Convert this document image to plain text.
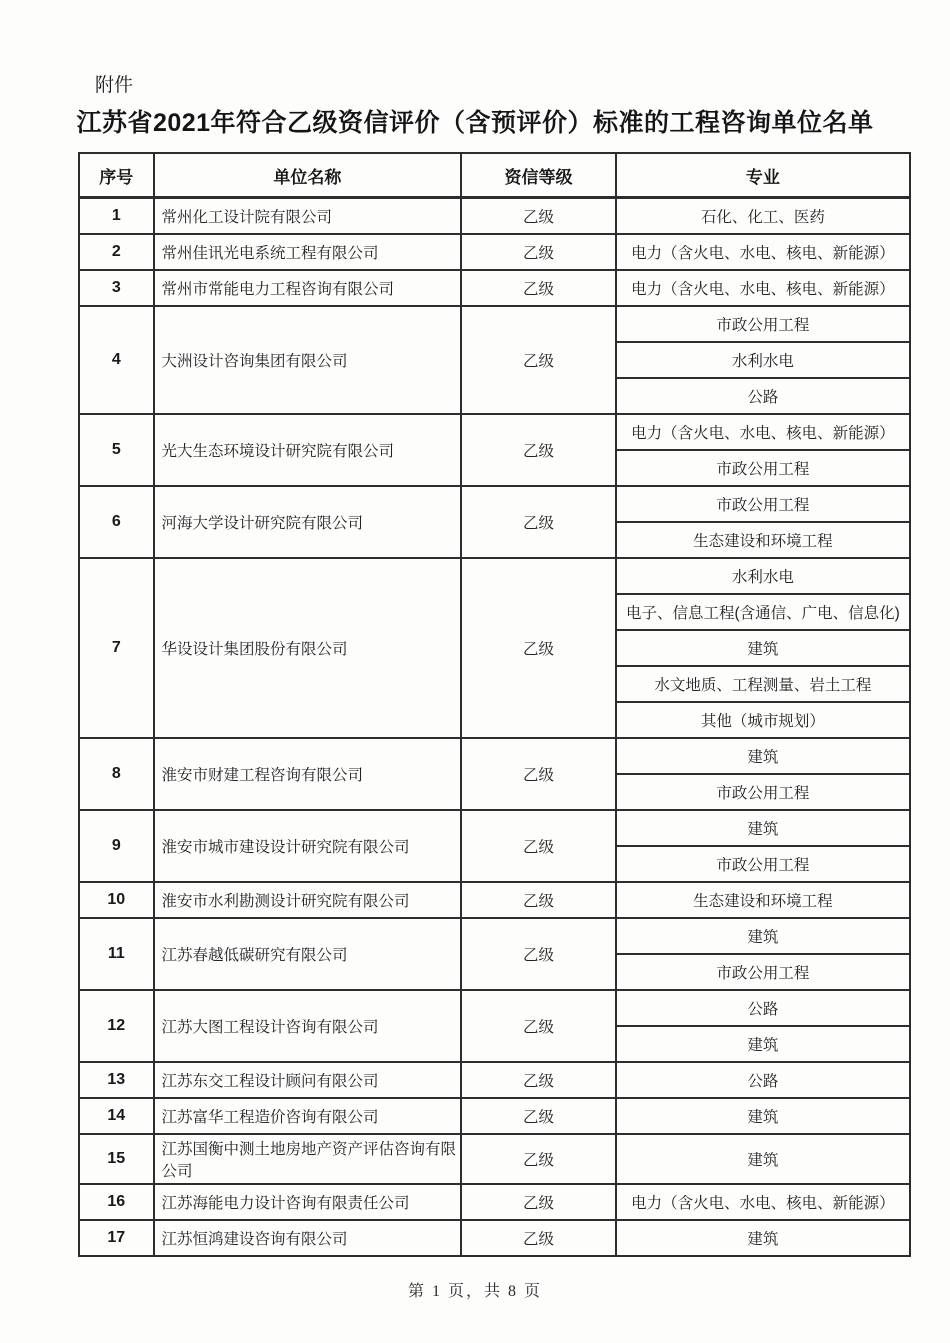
附件
江苏省2021年符合乙级资信评价（含预评价）标准的工程咨询单位名单
序号	单位名称	资信等级	专业
1	常州化工设计院有限公司	乙级	石化、化工、医药
2	常州佳讯光电系统工程有限公司	乙级	电力（含火电、水电、核电、新能源）
3	常州市常能电力工程咨询有限公司	乙级	电力（含火电、水电、核电、新能源）
4	大洲设计咨询集团有限公司	乙级	市政公用工程
			水利水电
			公路
5	光大生态环境设计研究院有限公司	乙级	电力（含火电、水电、核电、新能源）
			市政公用工程
6	河海大学设计研究院有限公司	乙级	市政公用工程
			生态建设和环境工程
7	华设设计集团股份有限公司	乙级	水利水电
			电子、信息工程(含通信、广电、信息化)
			建筑
			水文地质、工程测量、岩土工程
			其他（城市规划）
8	淮安市财建工程咨询有限公司	乙级	建筑
			市政公用工程
9	淮安市城市建设设计研究院有限公司	乙级	建筑
			市政公用工程
10	淮安市水利勘测设计研究院有限公司	乙级	生态建设和环境工程
11	江苏春越低碳研究有限公司	乙级	建筑
			市政公用工程
12	江苏大图工程设计咨询有限公司	乙级	公路
			建筑
13	江苏东交工程设计顾问有限公司	乙级	公路
14	江苏富华工程造价咨询有限公司	乙级	建筑
15	江苏国衡中测土地房地产资产评估咨询有限公司	乙级	建筑
16	江苏海能电力设计咨询有限责任公司	乙级	电力（含火电、水电、核电、新能源）
17	江苏恒鸿建设咨询有限公司	乙级	建筑
第 1 页，共 8 页
